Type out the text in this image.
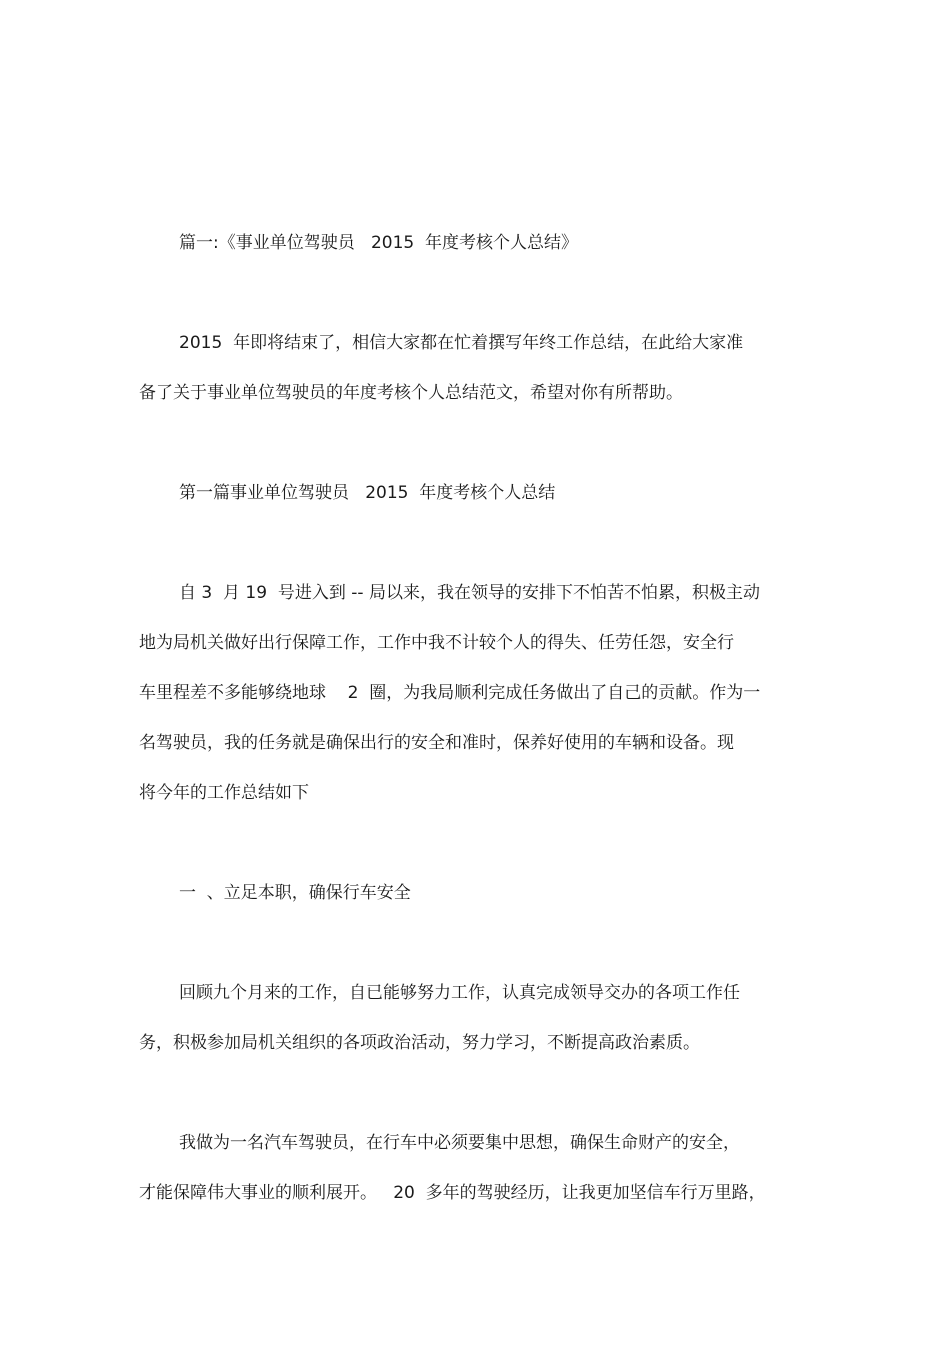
篇一:《事业单位驾驶员   2015  年度考核个人总结》
2015  年即将结束了，相信大家都在忙着撰写年终工作总结，在此给大家准
备了关于事业单位驾驶员的年度考核个人总结范文，希望对你有所帮助。
第一篇事业单位驾驶员   2015  年度考核个人总结
自 3  月 19  号进入到 -- 局以来，我在领导的安排下不怕苦不怕累，积极主动
地为局机关做好出行保障工作，工作中我不计较个人的得失、任劳任怨，安全行
车里程差不多能够绕地球    2  圈，为我局顺利完成任务做出了自己的贡献。作为一
名驾驶员，我的任务就是确保出行的安全和准时，保养好使用的车辆和设备。现
将今年的工作总结如下
一  、立足本职，确保行车安全
回顾九个月来的工作，自已能够努力工作，认真完成领导交办的各项工作任
务，积极参加局机关组织的各项政治活动，努力学习，不断提高政治素质。
我做为一名汽车驾驶员，在行车中必须要集中思想，确保生命财产的安全，
才能保障伟大事业的顺利展开。   20  多年的驾驶经历，让我更加坚信车行万里路，
